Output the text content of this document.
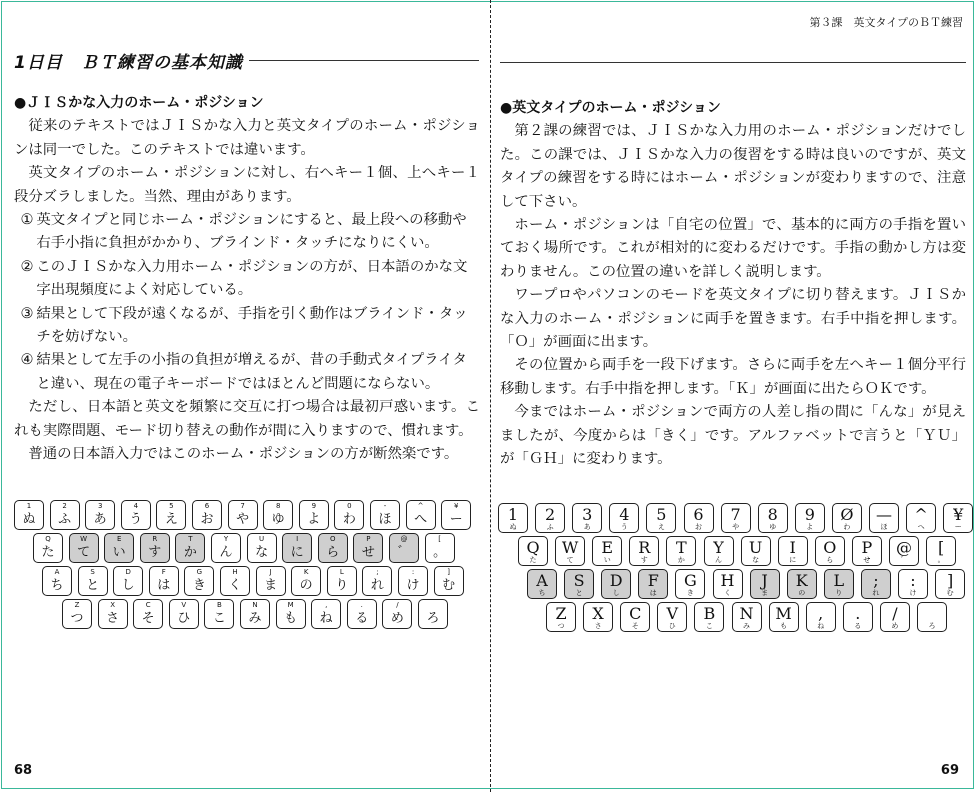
1日目　ＢＴ練習の基本知識
●ＪＩＳかな入力のホーム・ポジション

従来のテキストではＪＩＳかな入力と英文タイプのホーム・ポジションは同一でした。このテキストでは違います。

英文タイプのホーム・ポジションに対し、右へキー１個、上へキー１段分ズラしました。当然、理由があります。

① 英文タイプと同じホーム・ポジションにすると、最上段への移動や右手小指に負担がかかり、ブラインド・タッチになりにくい。

② このＪＩＳかな入力用ホーム・ポジションの方が、日本語のかな文字出現頻度によく対応している。

③ 結果として下段が遠くなるが、手指を引く動作はブラインド・タッチを妨げない。

④ 結果として左手の小指の負担が増えるが、昔の手動式タイプライタと違い、現在の電子キーボードではほとんど問題にならない。

ただし、日本語と英文を頻繁に交互に打つ場合は最初戸惑います。これも実際問題、モード切り替えの動作が間に入りますので、慣れます。

普通の日本語入力ではこのホーム・ポジションの方が断然楽です。

1
ぬ
2
ふ
3
あ
4
う
5
え
6
お
7
や
8
ゆ
9
よ
0
わ
-
ほ
^
へ
¥
ー
Q
た
W
て
E
い
R
す
T
か
Y
ん
U
な
I
に
O
ら
P
せ
@
゛
[
。
A
ち
S
と
D
し
F
は
G
き
H
く
J
ま
K
の
L
り
;
れ
:
け
]
む
Z
つ
X
さ
C
そ
V
ひ
B
こ
N
み
M
も
,
ね
.
る
/
め	ろ
68
第３課　英文タイプのＢＴ練習
●英文タイプのホーム・ポジション

第２課の練習では、ＪＩＳかな入力用のホーム・ポジションだけでした。この課では、ＪＩＳかな入力の復習をする時は良いのですが、英文タイプの練習をする時にはホーム・ポジションが変わりますので、注意して下さい。

ホーム・ポジションは「自宅の位置」で、基本的に両方の手指を置いておく場所です。これが相対的に変わるだけです。手指の動かし方は変わりません。この位置の違いを詳しく説明します。

ワープロやパソコンのモードを英文タイプに切り替えます。ＪＩＳかな入力のホーム・ポジションに両手を置きます。右手中指を押します。「Ｏ」が画面に出ます。

その位置から両手を一段下げます。さらに両手を左へキー１個分平行移動します。右手中指を押します。「Ｋ」が画面に出たらＯＫです。

今まではホーム・ポジションで両方の人差し指の間に「んな」が見えましたが、今度からは「きく」です。アルファベットで言うと「ＹＵ」が「ＧＨ」に変わります。

1
ぬ
2
ふ
3
あ
4
う
5
え
6
お
7
や
8
ゆ
9
よ
Ø
わ
—
ほ
^
へ
¥
ー
Q
た
W
て
E
い
R
す
T
か
Y
ん
U
な
I
に
O
ら
P
せ
@
゛
[
。
A
ち
S
と
D
し
F
は
G
き
H
く
J
ま
K
の
L
り
;
れ
:
け
]
む
Z
つ
X
さ
C
そ
V
ひ
B
こ
N
み
M
も
,
ね
.
る
/
め	ろ
69
